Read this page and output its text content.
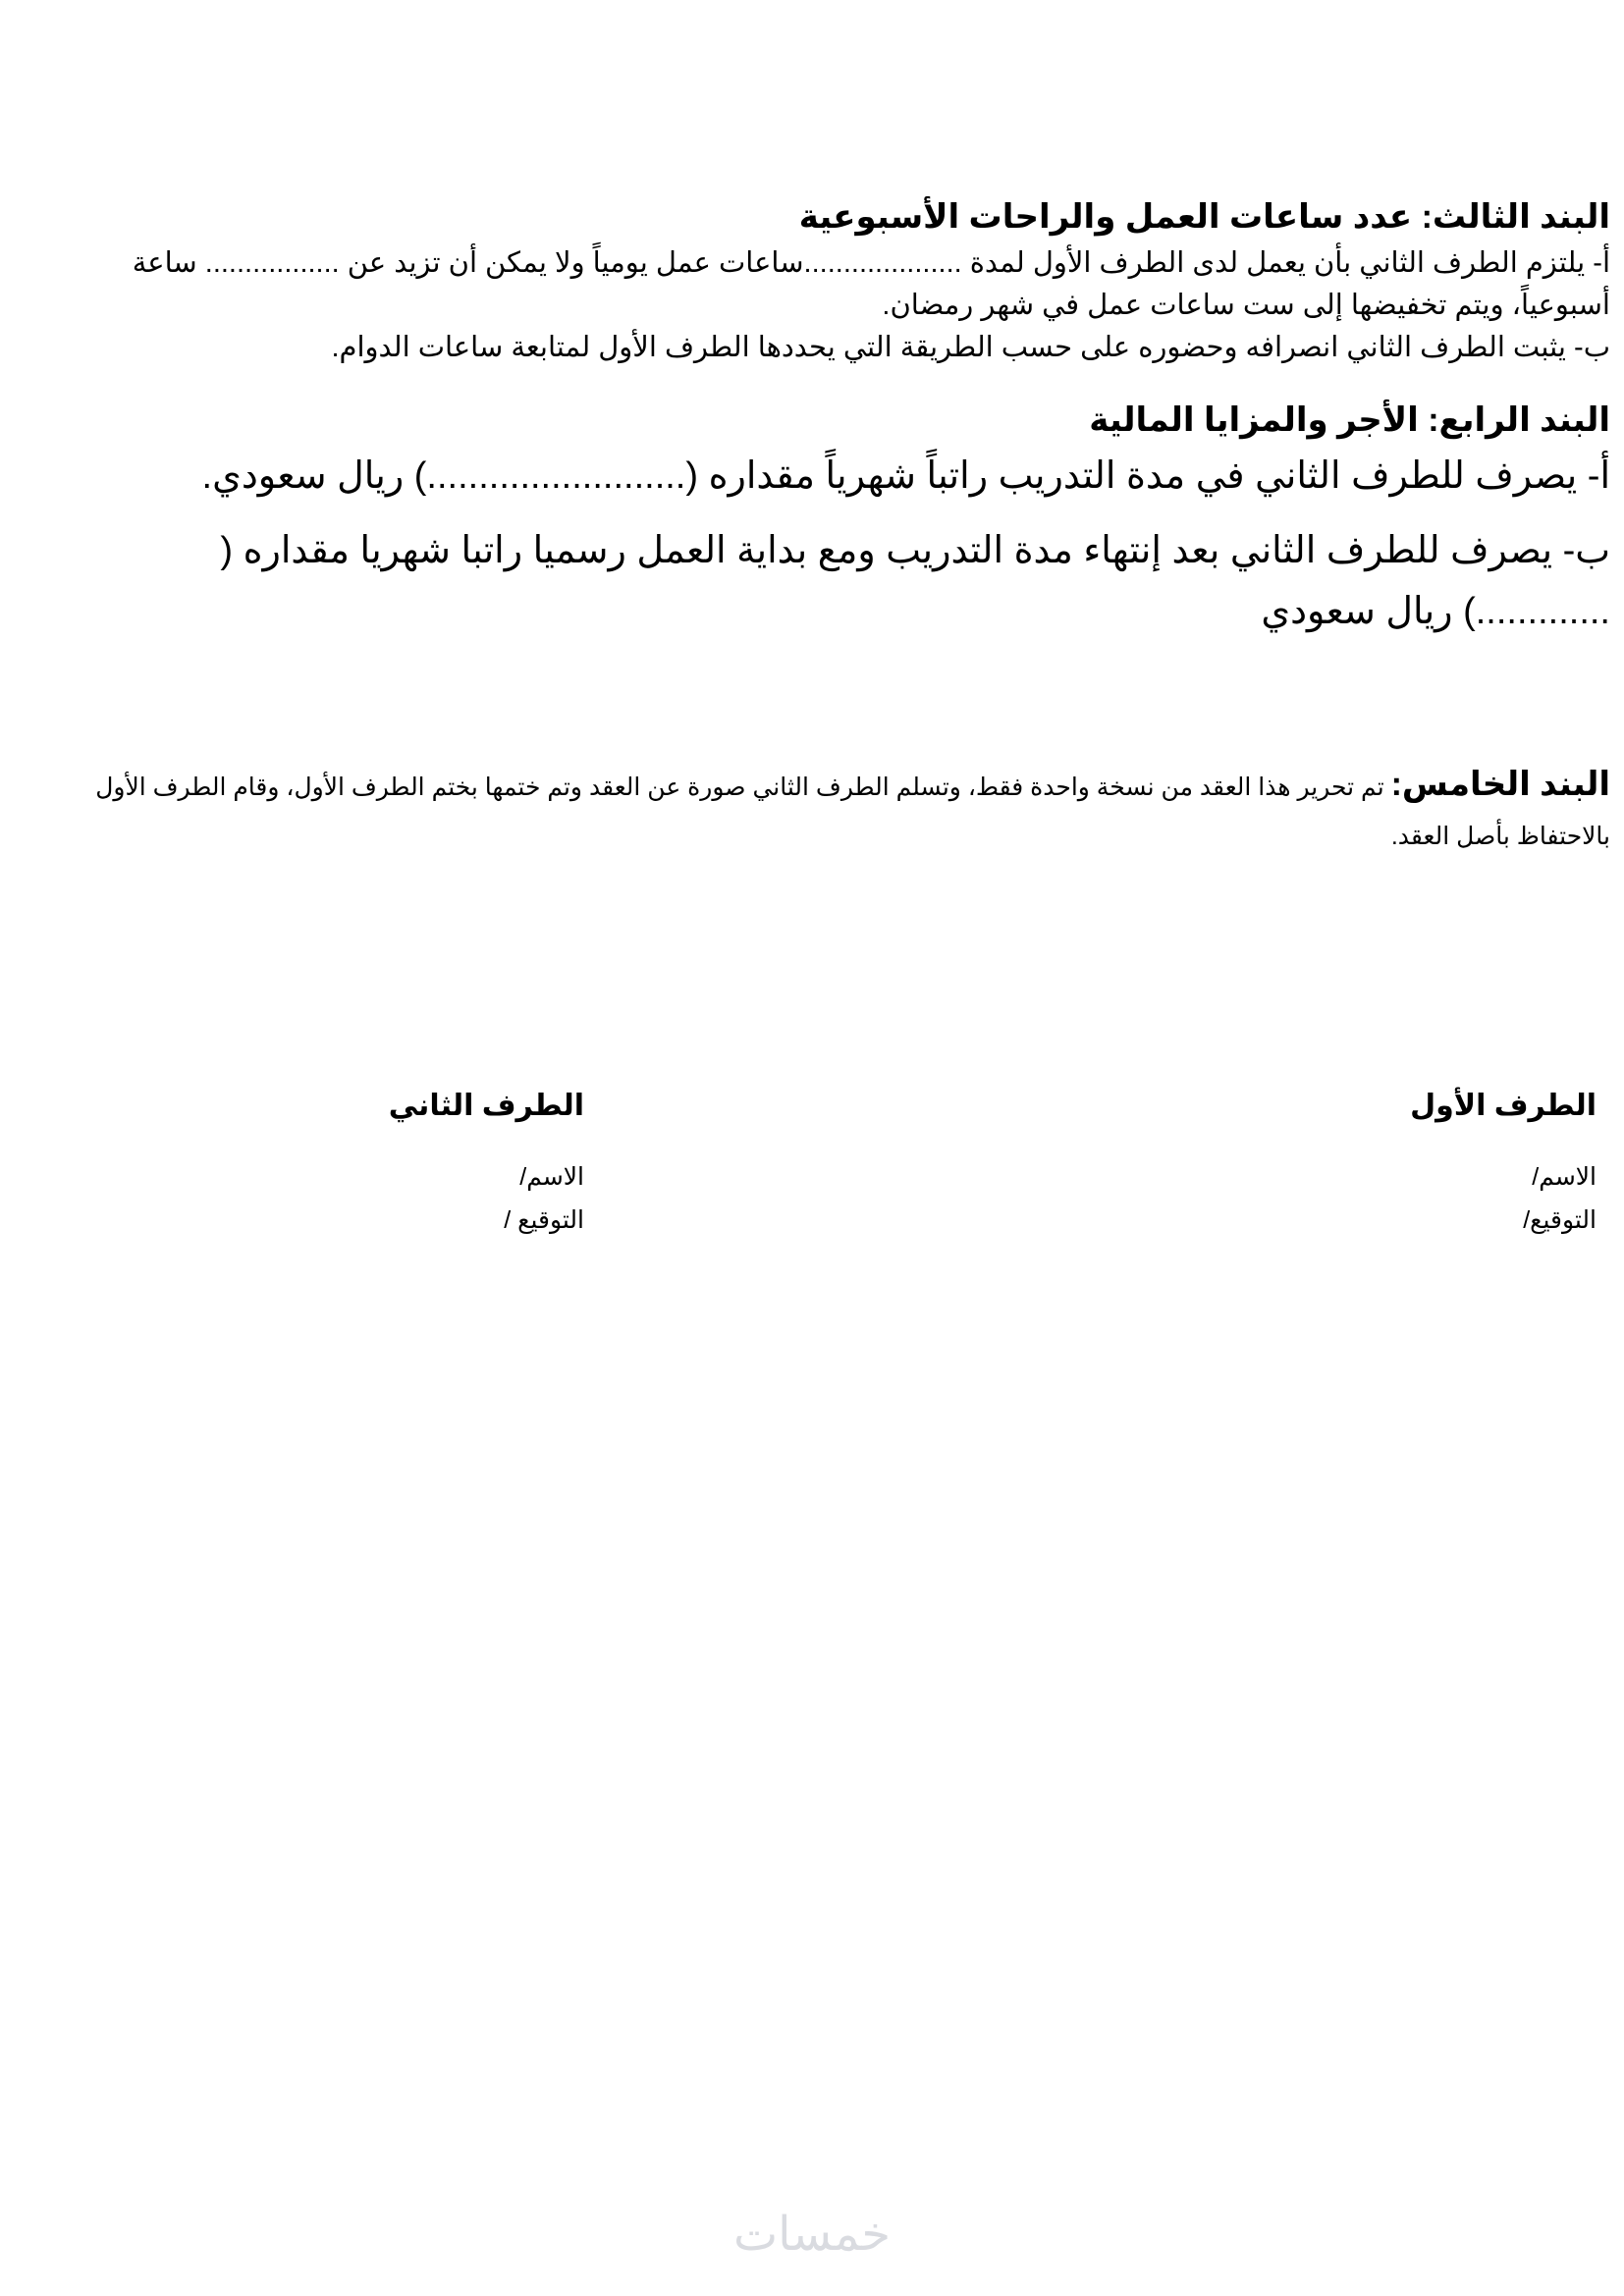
البند الثالث: عدد ساعات العمل والراحات الأسبوعية

أ- يلتزم الطرف الثاني بأن يعمل لدى الطرف الأول لمدة ....................ساعات عمل يومياً ولا يمكن أن تزيد عن ................. ساعة أسبوعياً، ويتم تخفيضها إلى ست ساعات عمل في شهر رمضان.

ب- يثبت الطرف الثاني انصرافه وحضوره على حسب الطريقة التي يحددها الطرف الأول لمتابعة ساعات الدوام.

البند الرابع: الأجر والمزايا المالية

أ- يصرف للطرف الثاني في مدة التدريب راتباً شهرياً مقداره (.........................) ريال سعودي.

ب- يصرف للطرف الثاني بعد إنتهاء مدة التدريب ومع بداية العمل رسميا راتبا شهريا مقداره ( .............) ريال سعودي

البند الخامس: تم تحرير هذا العقد من نسخة واحدة فقط، وتسلم الطرف الثاني صورة عن العقد وتم ختمها بختم الطرف الأول، وقام الطرف الأول بالاحتفاظ بأصل العقد.

الطرف الأول

الاسم/

التوقيع/

الطرف الثاني

الاسم/

التوقيع /

خمسات
